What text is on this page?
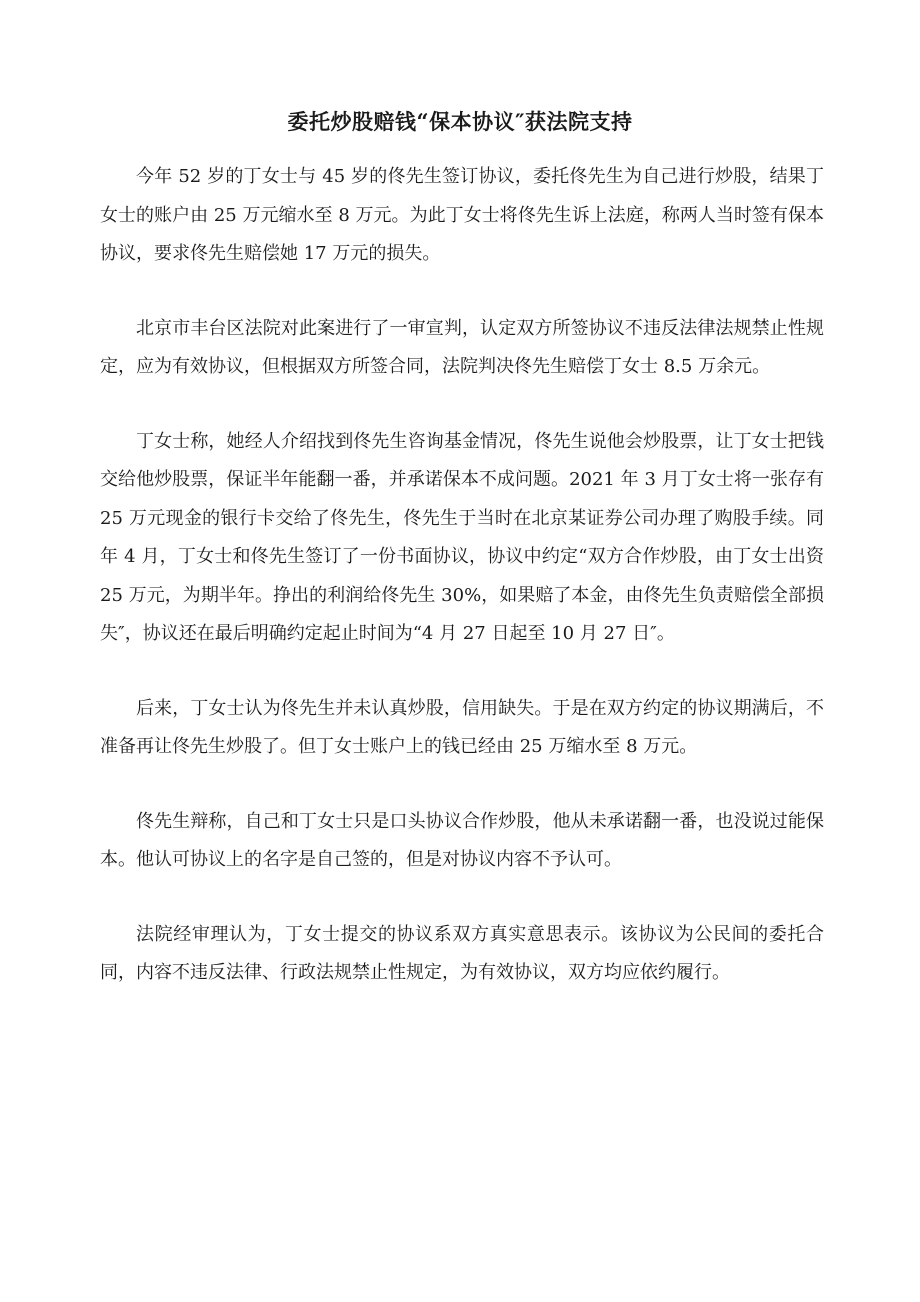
委托炒股赔钱“保本协议″获法院支持

今年 52 岁的丁女士与 45 岁的佟先生签订协议，委托佟先生为自己进行炒股，结果丁女士的账户由 25 万元缩水至 8 万元。为此丁女士将佟先生诉上法庭，称两人当时签有保本协议，要求佟先生赔偿她 17 万元的损失。

北京市丰台区法院对此案进行了一审宣判，认定双方所签协议不违反法律法规禁止性规定，应为有效协议，但根据双方所签合同，法院判决佟先生赔偿丁女士 8.5 万余元。

丁女士称，她经人介绍找到佟先生咨询基金情况，佟先生说他会炒股票，让丁女士把钱交给他炒股票，保证半年能翻一番，并承诺保本不成问题。2021 年 3 月丁女士将一张存有 25 万元现金的银行卡交给了佟先生，佟先生于当时在北京某证券公司办理了购股手续。同年 4 月，丁女士和佟先生签订了一份书面协议，协议中约定“双方合作炒股，由丁女士出资 25 万元，为期半年。挣出的利润给佟先生 30%，如果赔了本金，由佟先生负责赔偿全部损失″，协议还在最后明确约定起止时间为“4 月 27 日起至 10 月 27 日″。

后来，丁女士认为佟先生并未认真炒股，信用缺失。于是在双方约定的协议期满后，不准备再让佟先生炒股了。但丁女士账户上的钱已经由 25 万缩水至 8 万元。

佟先生辩称，自己和丁女士只是口头协议合作炒股，他从未承诺翻一番，也没说过能保本。他认可协议上的名字是自己签的，但是对协议内容不予认可。

法院经审理认为，丁女士提交的协议系双方真实意思表示。该协议为公民间的委托合同，内容不违反法律、行政法规禁止性规定，为有效协议，双方均应依约履行。
